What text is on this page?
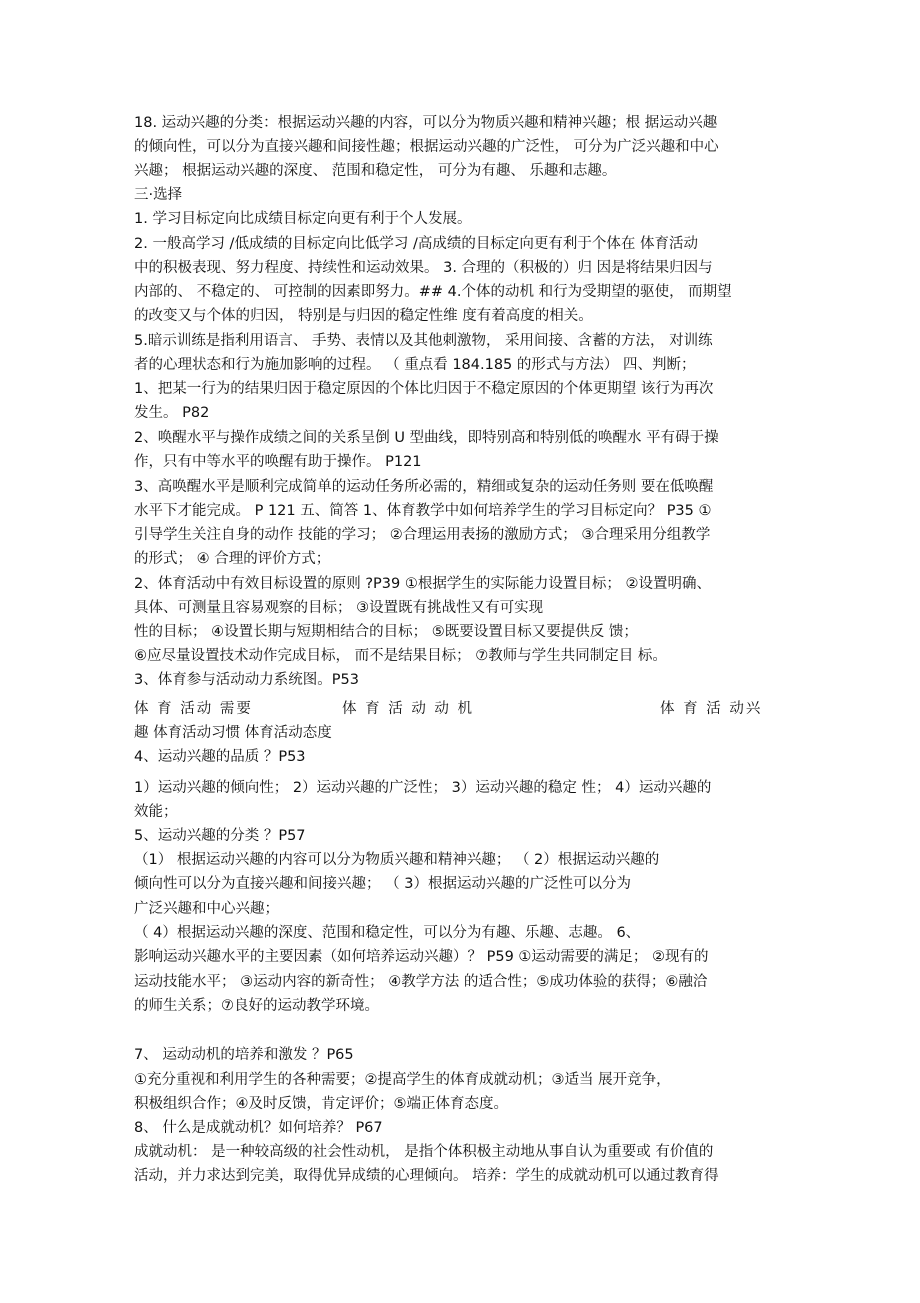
18. 运动兴趣的分类：根据运动兴趣的内容，可以分为物质兴趣和精神兴趣；根 据运动兴趣
的倾向性，可以分为直接兴趣和间接性趣；根据运动兴趣的广泛性， 可分为广泛兴趣和中心
兴趣； 根据运动兴趣的深度、 范围和稳定性， 可分为有趣、 乐趣和志趣。
三·选择
1. 学习目标定向比成绩目标定向更有利于个人发展。
2. 一般高学习 /低成绩的目标定向比低学习 /高成绩的目标定向更有利于个体在 体育活动
中的积极表现、努力程度、持续性和运动效果。 3. 合理的（积极的）归 因是将结果归因与
内部的、 不稳定的、 可控制的因素即努力。## 4.个体的动机 和行为受期望的驱使， 而期望
的改变又与个体的归因， 特别是与归因的稳定性维 度有着高度的相关。
5.暗示训练是指利用语言、 手势、表情以及其他刺激物， 采用间接、含蓄的方法， 对训练
者的心理状态和行为施加影响的过程。 （ 重点看 184.185 的形式与方法） 四、判断；
1、把某一行为的结果归因于稳定原因的个体比归因于不稳定原因的个体更期望 该行为再次
发生。 P82
2、唤醒水平与操作成绩之间的关系呈倒 U 型曲线，即特别高和特别低的唤醒水 平有碍于操
作，只有中等水平的唤醒有助于操作。 P121
3、高唤醒水平是顺利完成简单的运动任务所必需的，精细或复杂的运动任务则 要在低唤醒
水平下才能完成。 P 121 五、简答 1、体育教学中如何培养学生的学习目标定向？ P35 ①
引导学生关注自身的动作 技能的学习； ②合理运用表扬的激励方式； ③合理采用分组教学
的形式； ④ 合理的评价方式；
2、体育活动中有效目标设置的原则 ?P39 ①根据学生的实际能力设置目标； ②设置明确、
具体、可测量且容易观察的目标； ③设置既有挑战性又有可实现
性的目标； ④设置长期与短期相结合的目标； ⑤既要设置目标又要提供反 馈；
⑥应尽量设置技术动作完成目标， 而不是结果目标； ⑦教师与学生共同制定目 标。
3、体育参与活动动力系统图。P53
体 育 活动 需要	体 育 活 动 动 机	体 育 活 动兴
趣 体育活动习惯 体育活动态度
4、运动兴趣的品质 ？P53
1）运动兴趣的倾向性； 2）运动兴趣的广泛性； 3）运动兴趣的稳定 性； 4）运动兴趣的
效能；
5、运动兴趣的分类 ？P57
（1） 根据运动兴趣的内容可以分为物质兴趣和精神兴趣； （ 2）根据运动兴趣的
倾向性可以分为直接兴趣和间接兴趣； （ 3）根据运动兴趣的广泛性可以分为
广泛兴趣和中心兴趣；
（ 4）根据运动兴趣的深度、范围和稳定性，可以分为有趣、乐趣、志趣。 6、
影响运动兴趣水平的主要因素（如何培养运动兴趣）？ P59 ①运动需要的满足； ②现有的
运动技能水平； ③运动内容的新奇性； ④教学方法 的适合性；⑤成功体验的获得；⑥融洽
的师生关系；⑦良好的运动教学环境。
7、 运动动机的培养和激发 ？P65
①充分重视和利用学生的各种需要；②提高学生的体育成就动机；③适当 展开竞争，
积极组织合作；④及时反馈，肯定评价；⑤端正体育态度。
8、 什么是成就动机？如何培养？ P67
成就动机： 是一种较高级的社会性动机， 是指个体积极主动地从事自认为重要或 有价值的
活动，并力求达到完美，取得优异成绩的心理倾向。 培养：学生的成就动机可以通过教育得
